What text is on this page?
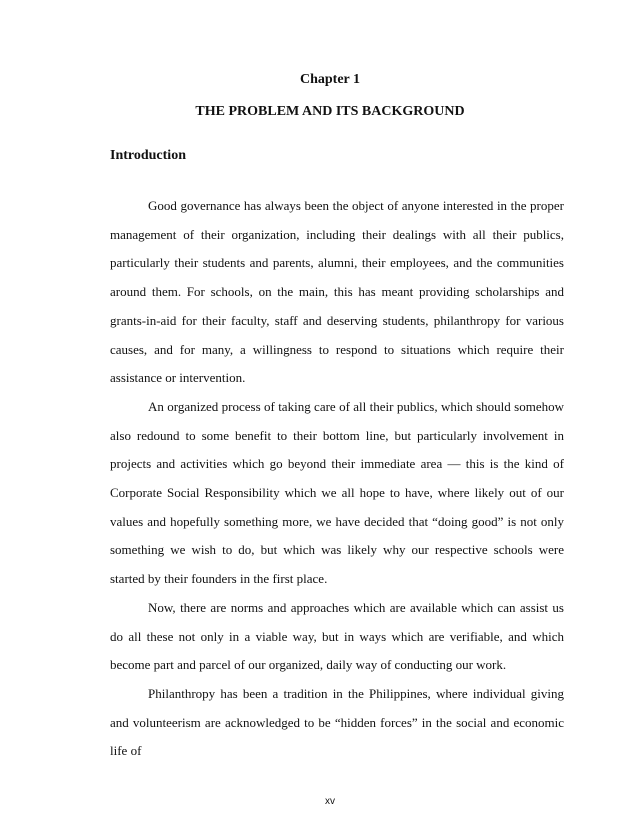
Chapter 1
THE PROBLEM AND ITS BACKGROUND
Introduction

Good governance has always been the object of anyone interested in the proper management of their organization, including their dealings with all their publics, particularly their students and parents, alumni, their employees, and the communities around them. For schools, on the main, this has meant providing scholarships and grants-in-aid for their faculty, staff and deserving students, philanthropy for various causes, and for many, a willingness to respond to situations which require their assistance or intervention.

An organized process of taking care of all their publics, which should somehow also redound to some benefit to their bottom line, but particularly involvement in projects and activities which go beyond their immediate area — this is the kind of Corporate Social Responsibility which we all hope to have, where likely out of our values and hopefully something more, we have decided that “doing good” is not only something we wish to do, but which was likely why our respective schools were started by their founders in the first place.

Now, there are norms and approaches which are available which can assist us do all these not only in a viable way, but in ways which are verifiable, and which become part and parcel of our organized, daily way of conducting our work.

Philanthropy has been a tradition in the Philippines, where individual giving and volunteerism are acknowledged to be “hidden forces” in the social and economic life of

xv
